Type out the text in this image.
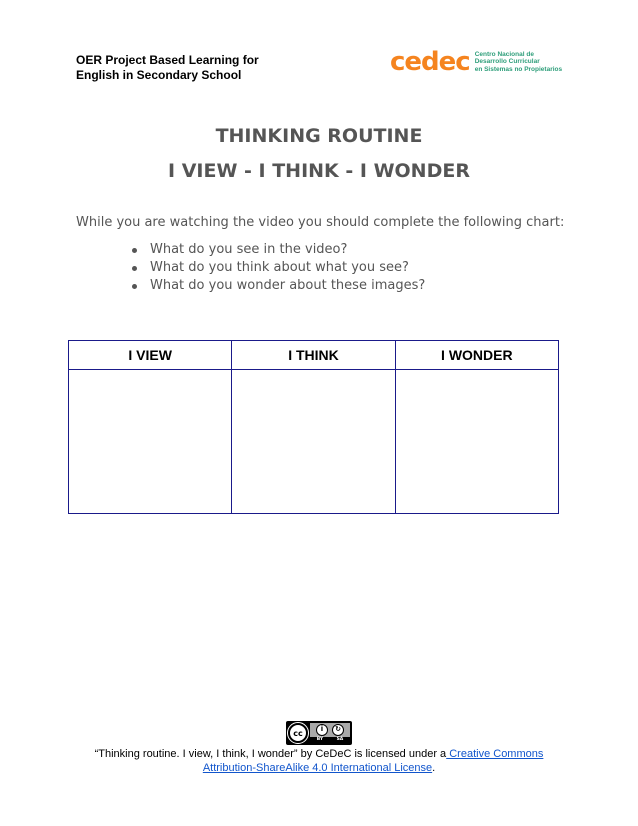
OER Project Based Learning for
English in Secondary School	cedec Centro Nacional de
Desarrollo Curricular
en Sistemas no Propietarios
THINKING ROUTINE
I VIEW - I THINK - I WONDER
While you are watching the video you should complete the following chart:
What do you see in the video?
What do you think about what you see?
What do you wonder about these images?
I VIEW	I THINK	I WONDER

cc	i	↻
BY	SA
“Thinking routine. I view, I think, I wonder” by CeDeC is licensed under a Creative Commons Attribution-ShareAlike 4.0 International License.
